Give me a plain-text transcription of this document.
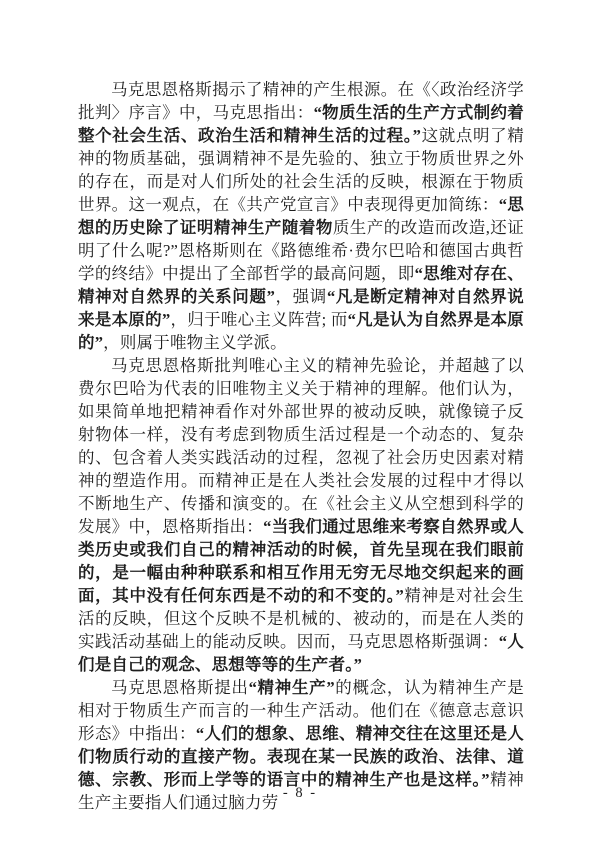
马克思恩格斯揭示了精神的产生根源。在《〈政治经济学批判〉序言》中，马克思指出：“物质生活的生产方式制约着整个社会生活、政治生活和精神生活的过程。”这就点明了精神的物质基础，强调精神不是先验的、独立于物质世界之外的存在，而是对人们所处的社会生活的反映，根源在于物质世界。这一观点，在《共产党宣言》中表现得更加简练：“思想的历史除了证明精神生产随着物质生产的改造而改造,还证明了什么呢?”恩格斯则在《路德维希·费尔巴哈和德国古典哲学的终结》中提出了全部哲学的最高问题，即“思维对存在、精神对自然界的关系问题”，强调“凡是断定精神对自然界说来是本原的”，归于唯心主义阵营; 而“凡是认为自然界是本原的”，则属于唯物主义学派。

马克思恩格斯批判唯心主义的精神先验论，并超越了以费尔巴哈为代表的旧唯物主义关于精神的理解。他们认为，如果简单地把精神看作对外部世界的被动反映，就像镜子反射物体一样，没有考虑到物质生活过程是一个动态的、复杂的、包含着人类实践活动的过程，忽视了社会历史因素对精神的塑造作用。而精神正是在人类社会发展的过程中才得以不断地生产、传播和演变的。在《社会主义从空想到科学的发展》中，恩格斯指出：“当我们通过思维来考察自然界或人类历史或我们自己的精神活动的时候，首先呈现在我们眼前的，是一幅由种种联系和相互作用无穷无尽地交织起来的画面，其中没有任何东西是不动的和不变的。”精神是对社会生活的反映，但这个反映不是机械的、被动的，而是在人类的实践活动基础上的能动反映。因而，马克思恩格斯强调：“人们是自己的观念、思想等等的生产者。”

马克思恩格斯提出“精神生产”的概念，认为精神生产是相对于物质生产而言的一种生产活动。他们在《德意志意识形态》中指出：“人们的想象、思维、精神交往在这里还是人们物质行动的直接产物。表现在某一民族的政治、法律、道德、宗教、形而上学等的语言中的精神生产也是这样。”精神生产主要指人们通过脑力劳 - 8 -
